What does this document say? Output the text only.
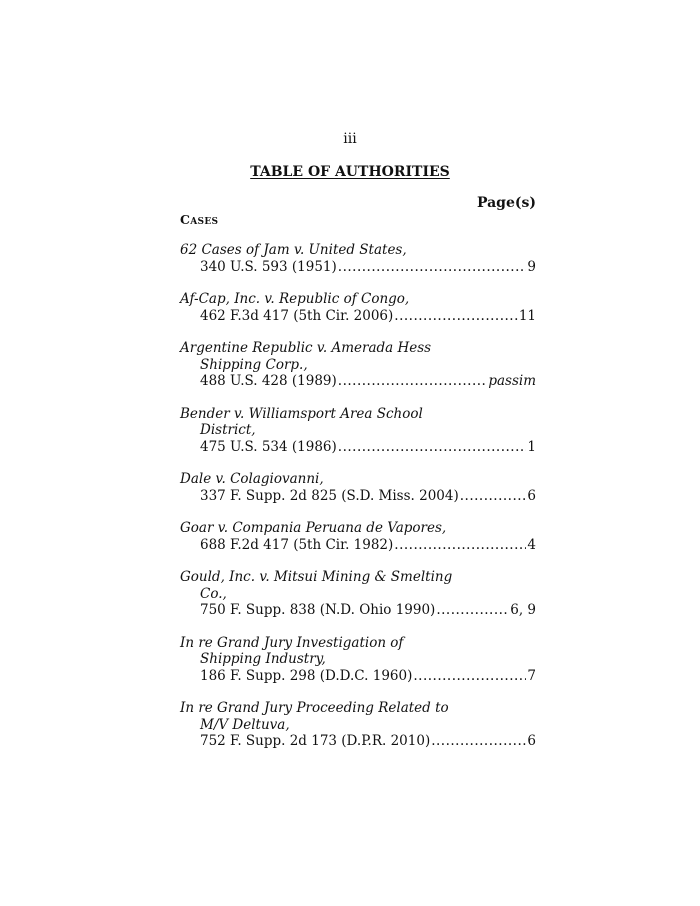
iii
TABLE OF AUTHORITIES
Page(s)
Cases
62 Cases of Jam v. United States,
340 U.S. 593 (1951) .....	9
Af-Cap, Inc. v. Republic of Congo,
462 F.3d 417 (5th Cir. 2006) .....	11
Argentine Republic v. Amerada Hess Shipping Corp.,
488 U.S. 428 (1989) .....	passim
Bender v. Williamsport Area School District,
475 U.S. 534 (1986) .....	1
Dale v. Colagiovanni,
337 F. Supp. 2d 825 (S.D. Miss. 2004) .....	6
Goar v. Compania Peruana de Vapores,
688 F.2d 417 (5th Cir. 1982) .....	4
Gould, Inc. v. Mitsui Mining & Smelting Co.,
750 F. Supp. 838 (N.D. Ohio 1990) .....	6, 9
In re Grand Jury Investigation of Shipping Industry,
186 F. Supp. 298 (D.D.C. 1960) .....	7
In re Grand Jury Proceeding Related to M/V Deltuva,
752 F. Supp. 2d 173 (D.P.R. 2010) .....	6
